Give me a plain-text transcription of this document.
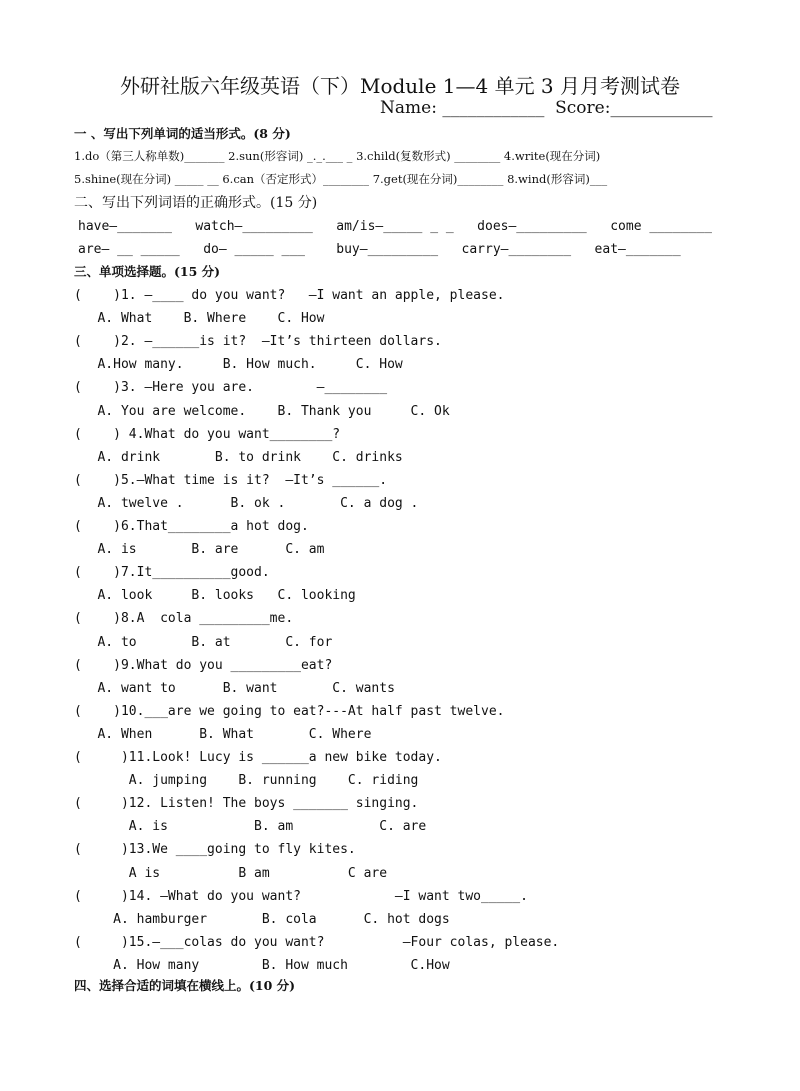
外研社版六年级英语（下）Module 1—4 单元 3 月月考测试卷
Name: ____________  Score:____________
一 、写出下列单词的适当形式。(8 分)
1.do（第三人称单数)_______ 2.sun(形容词) _._.___ _ 3.child(复数形式) ________ 4.write(现在分词)
5.shine(现在分词) _____ __ 6.can（否定形式）________ 7.get(现在分词)________ 8.wind(形容词)___
二、写出下列词语的正确形式。(15 分)
have—_______   watch—_________   am/is—_____ _ _   does—_________   come ________
are— __ _____   do— _____ ___    buy—_________   carry—________   eat—_______
三、单项选择题。(15 分)
(    )1. —____ do you want?   —I want an apple, please.
A. What    B. Where    C. How
(    )2. —______is it?  —It’s thirteen dollars.
A.How many.     B. How much.     C. How
(    )3. —Here you are.        —________
A. You are welcome.    B. Thank you     C. Ok
(    ) 4.What do you want________?
A. drink       B. to drink    C. drinks
(    )5.—What time is it?  —It’s ______.
A. twelve .      B. ok .       C. a dog .
(    )6.That________a hot dog.
A. is       B. are      C. am
(    )7.It__________good.
A. look     B. looks   C. looking
(    )8.A  cola _________me.
A. to       B. at       C. for
(    )9.What do you _________eat?
A. want to      B. want       C. wants
(    )10.___are we going to eat?---At half past twelve.
A. When      B. What       C. Where
(     )11.Look! Lucy is ______a new bike today.
A. jumping    B. running    C. riding
(     )12. Listen! The boys _______ singing.
A. is           B. am           C. are
(     )13.We ____going to fly kites.
A is          B am          C are
(     )14. —What do you want?            —I want two_____.
A. hamburger       B. cola      C. hot dogs
(     )15.—___colas do you want?          —Four colas, please.
A. How many        B. How much        C.How
四、选择合适的词填在横线上。(10 分)
